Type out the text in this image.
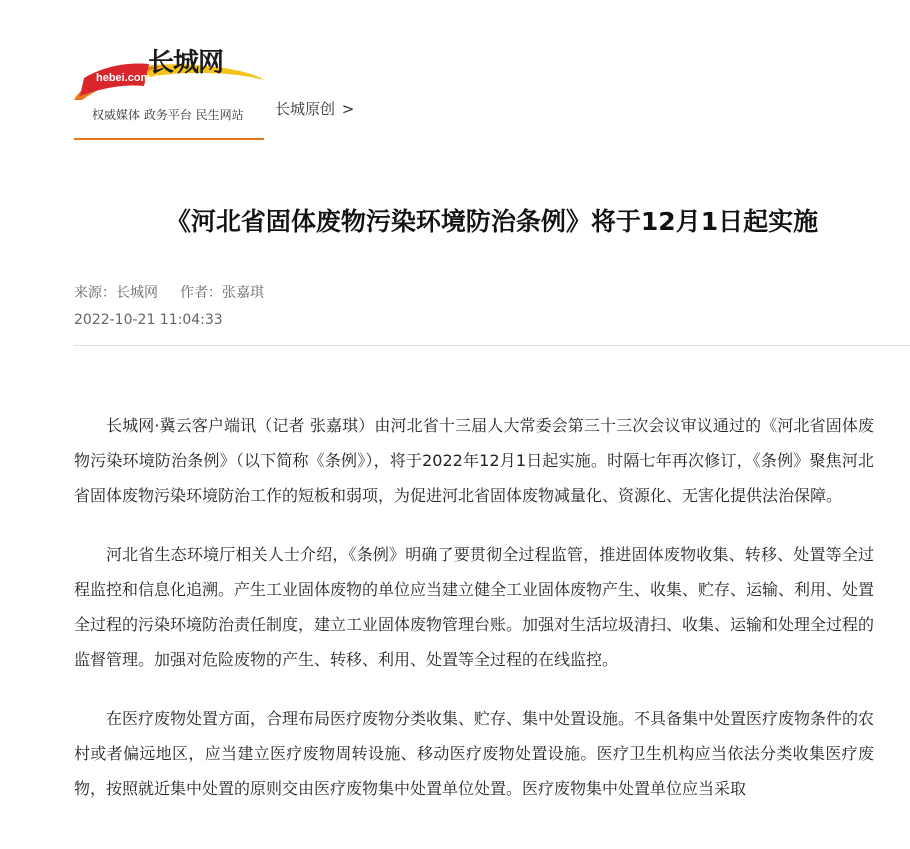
长城网
hebei.com.cn
权威媒体 政务平台 民生网站 长城原创 >
《河北省固体废物污染环境防治条例》将于12月1日起实施
来源：长城网 作者：张嘉琪
2022-10-21 11:04:33

长城网·冀云客户端讯（记者 张嘉琪）由河北省十三届人大常委会第三十三次会议审议通过的《河北省固体废物污染环境防治条例》（以下简称《条例》），将于2022年12月1日起实施。时隔七年再次修订，《条例》聚焦河北省固体废物污染环境防治工作的短板和弱项，为促进河北省固体废物减量化、资源化、无害化提供法治保障。

河北省生态环境厅相关人士介绍，《条例》明确了要贯彻全过程监管，推进固体废物收集、转移、处置等全过程监控和信息化追溯。产生工业固体废物的单位应当建立健全工业固体废物产生、收集、贮存、运输、利用、处置全过程的污染环境防治责任制度，建立工业固体废物管理台账。加强对生活垃圾清扫、收集、运输和处理全过程的监督管理。加强对危险废物的产生、转移、利用、处置等全过程的在线监控。

在医疗废物处置方面，合理布局医疗废物分类收集、贮存、集中处置设施。不具备集中处置医疗废物条件的农村或者偏远地区，应当建立医疗废物周转设施、移动医疗废物处置设施。医疗卫生机构应当依法分类收集医疗废物，按照就近集中处置的原则交由医疗废物集中处置单位处置。医疗废物集中处置单位应当采取
